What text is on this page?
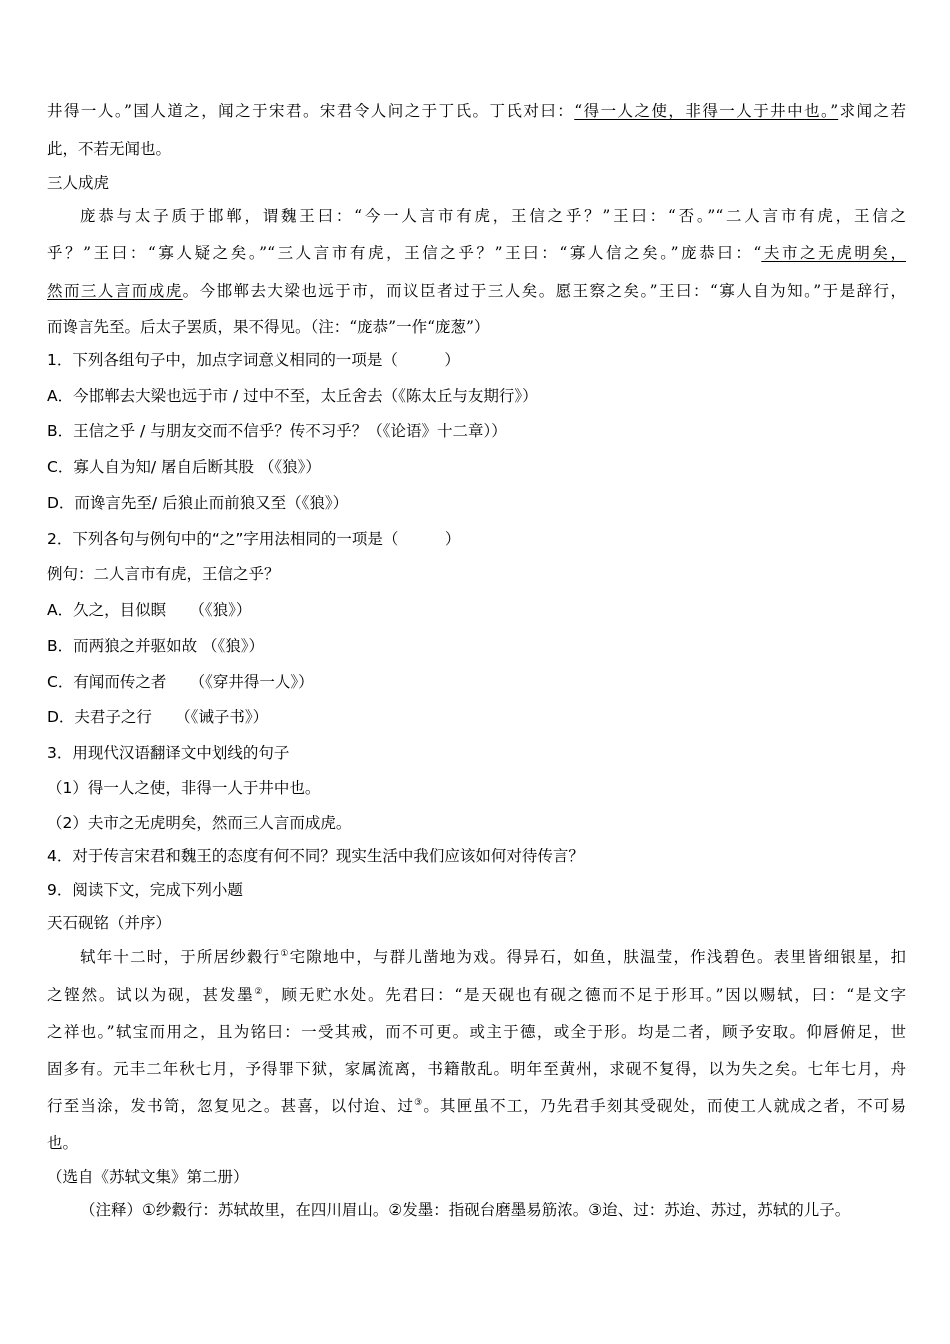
井得一人。”国人道之，闻之于宋君。宋君令人问之于丁氏。丁氏对曰：“得一人之使，非得一人于井中也。”求闻之若
此，不若无闻也。
三人成虎
庞恭与太子质于邯郸，谓魏王曰：“今一人言市有虎，王信之乎？”王曰：“否。”“二人言市有虎，王信之
乎？”王曰：“寡人疑之矣。”“三人言市有虎，王信之乎？”王曰：“寡人信之矣。”庞恭曰：“夫市之无虎明矣，
然而三人言而成虎。今邯郸去大梁也远于市，而议臣者过于三人矣。愿王察之矣。”王曰：“寡人自为知。”于是辞行，
而谗言先至。后太子罢质，果不得见。（注：“庞恭”一作“庞葱”）
1．下列各组句子中，加点字词意义相同的一项是（　　　）
A．今邯郸去大梁也远于市 / 过中不至，太丘舍去（《陈太丘与友期行》）
B．王信之乎 / 与朋友交而不信乎？传不习乎？（《论语》十二章））
C．寡人自为知/ 屠自后断其股 （《狼》）
D．而谗言先至/ 后狼止而前狼又至（《狼》）
2．下列各句与例句中的“之”字用法相同的一项是（　　　）
例句：二人言市有虎，王信之乎？
A．久之，目似瞑　　（《狼》）
B．而两狼之并驱如故 （《狼》）
C．有闻而传之者　　（《穿井得一人》）
D．夫君子之行　　（《诫子书》）
3．用现代汉语翻译文中划线的句子
（1）得一人之使，非得一人于井中也。
（2）夫市之无虎明矣，然而三人言而成虎。
4．对于传言宋君和魏王的态度有何不同？现实生活中我们应该如何对待传言？
9．阅读下文，完成下列小题
天石砚铭（并序）
轼年十二时，于所居纱縠行①宅隙地中，与群儿凿地为戏。得异石，如鱼，肤温莹，作浅碧色。表里皆细银星，扣
之铿然。试以为砚，甚发墨②，顾无贮水处。先君曰：“是天砚也有砚之德而不足于形耳。”因以赐轼，曰：“是文字
之祥也。”轼宝而用之，且为铭曰：一受其戒，而不可更。或主于德，或全于形。均是二者，顾予安取。仰唇俯足，世
固多有。元丰二年秋七月，予得罪下狱，家属流离，书籍散乱。明年至黄州，求砚不复得，以为失之矣。七年七月，舟
行至当涂，发书笥，忽复见之。甚喜，以付迨、过③。其匣虽不工，乃先君手刻其受砚处，而使工人就成之者，不可易
也。
（选自《苏轼文集》第二册）
（注释）①纱縠行：苏轼故里，在四川眉山。②发墨：指砚台磨墨易筋浓。③迨、过：苏迨、苏过，苏轼的儿子。
